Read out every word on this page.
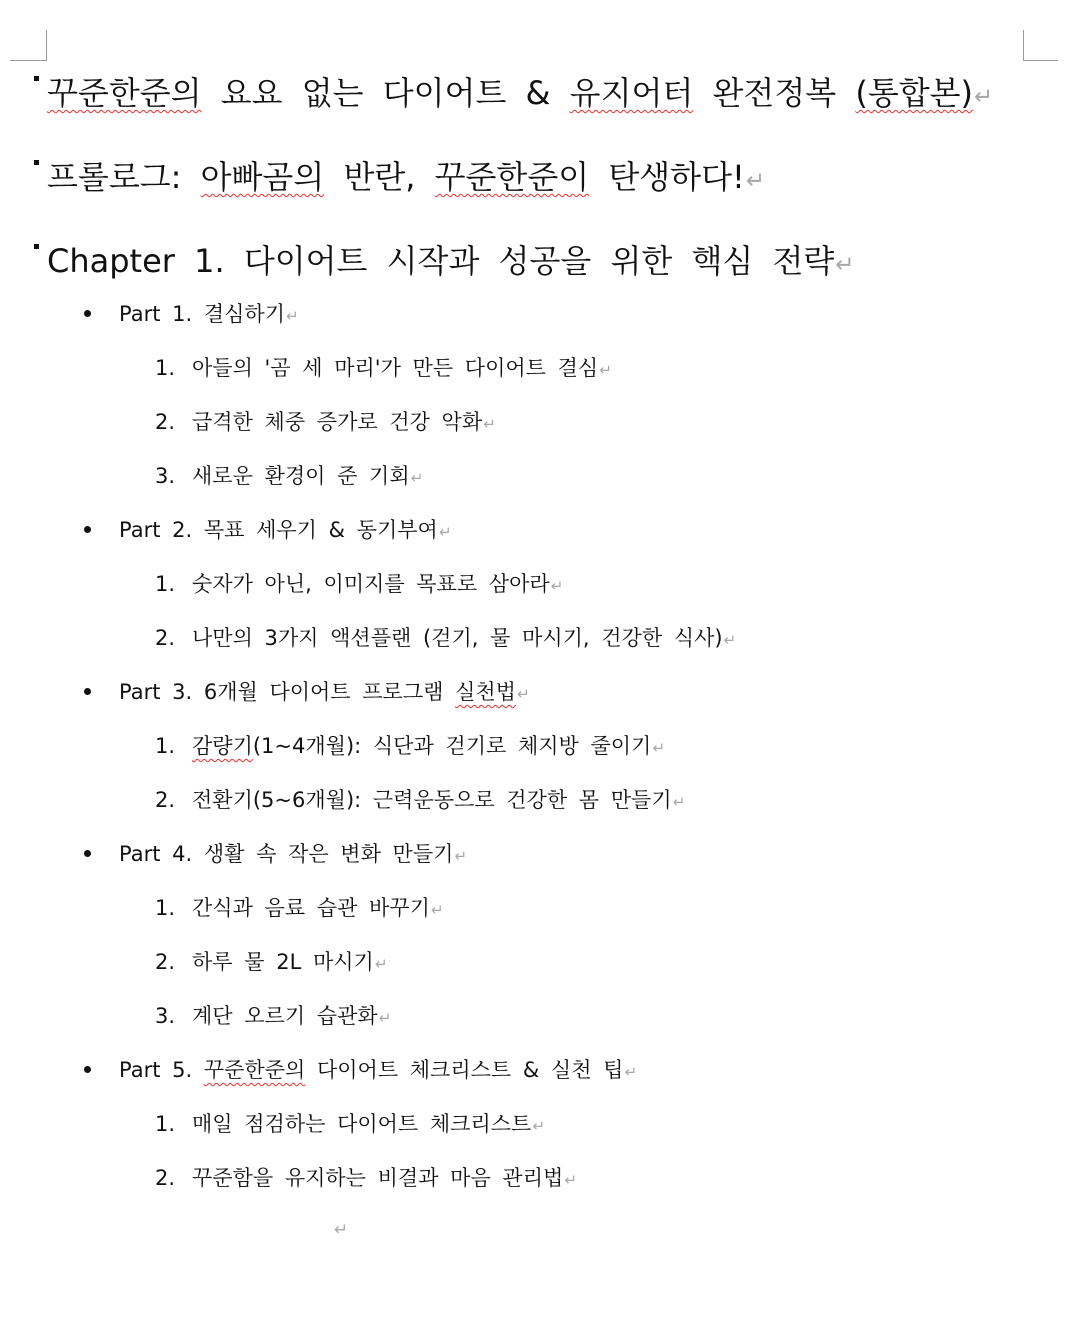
꾸준한준의 요요 없는 다이어트 & 유지어터 완전정복 (통합본)↵
프롤로그: 아빠곰의 반란, 꾸준한준이 탄생하다!↵
Chapter 1. 다이어트 시작과 성공을 위한 핵심 전략↵
Part 1. 결심하기↵
1. 아들의 '곰 세 마리'가 만든 다이어트 결심↵
2. 급격한 체중 증가로 건강 악화↵
3. 새로운 환경이 준 기회↵
Part 2. 목표 세우기 & 동기부여↵
1. 숫자가 아닌, 이미지를 목표로 삼아라↵
2. 나만의 3가지 액션플랜 (걷기, 물 마시기, 건강한 식사)↵
Part 3. 6개월 다이어트 프로그램 실천법↵
1. 감량기(1~4개월): 식단과 걷기로 체지방 줄이기↵
2. 전환기(5~6개월): 근력운동으로 건강한 몸 만들기↵
Part 4. 생활 속 작은 변화 만들기↵
1. 간식과 음료 습관 바꾸기↵
2. 하루 물 2L 마시기↵
3. 계단 오르기 습관화↵
Part 5. 꾸준한준의 다이어트 체크리스트 & 실천 팁↵
1. 매일 점검하는 다이어트 체크리스트↵
2. 꾸준함을 유지하는 비결과 마음 관리법↵
↵
